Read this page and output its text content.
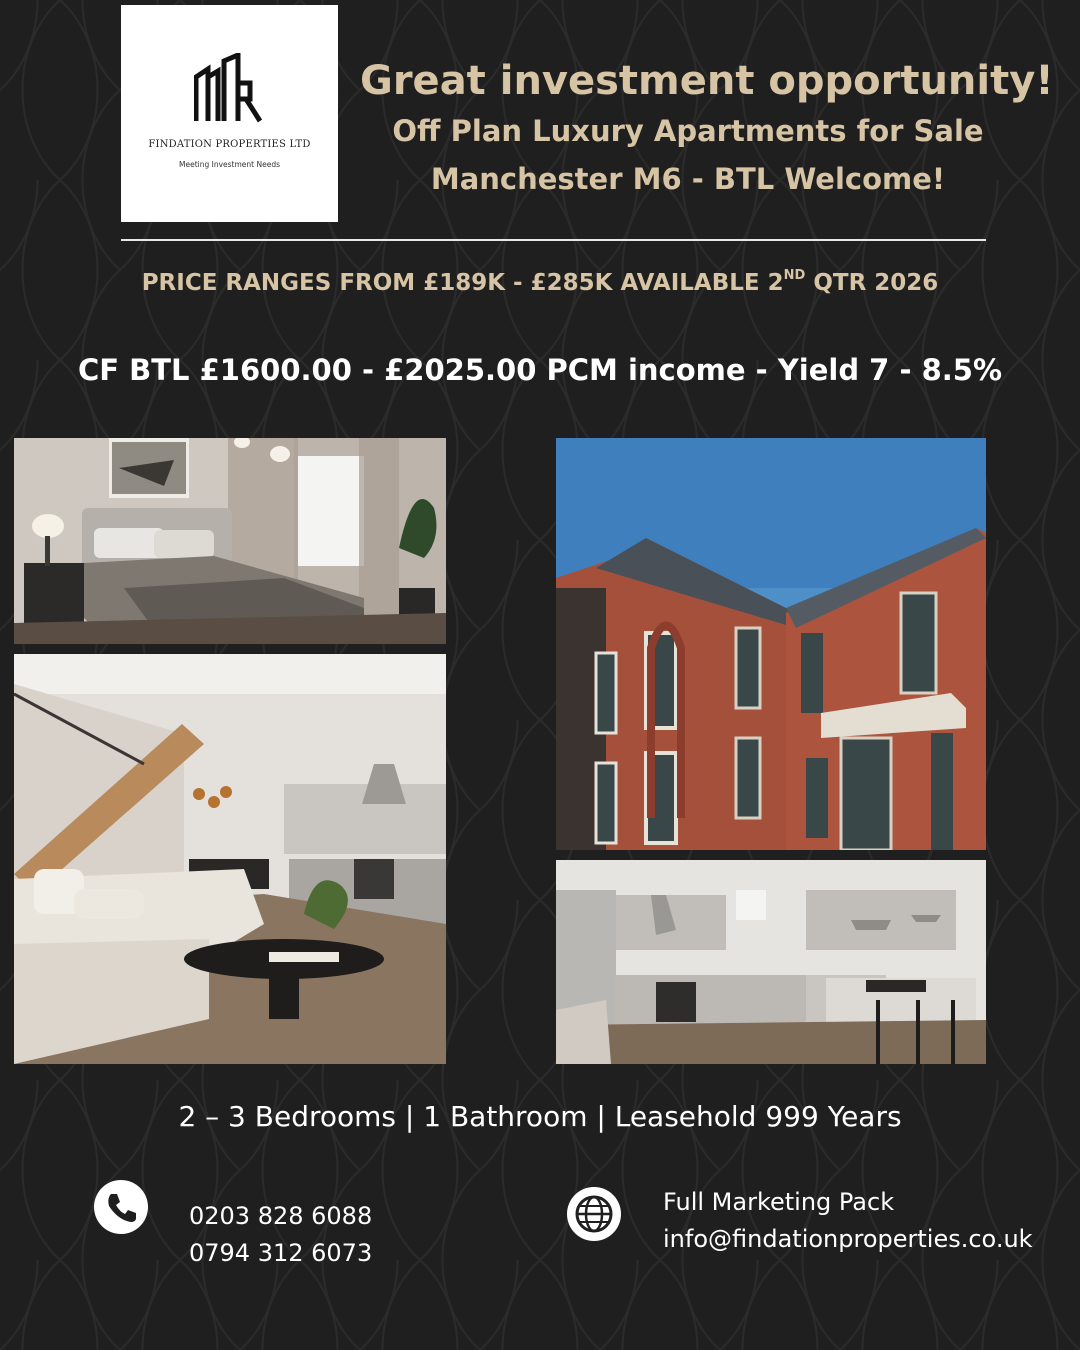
FINDATION PROPERTIES LTD
Meeting Investment Needs
Great investment opportunity!
Off Plan Luxury Apartments for Sale
Manchester M6 - BTL Welcome!
PRICE RANGES FROM £189K - £285K AVAILABLE 2ND QTR 2026
CF BTL £1600.00 - £2025.00 PCM income - Yield 7 - 8.5%
2 – 3 Bedrooms | 1 Bathroom | Leasehold 999 Years
0203 828 6088
0794 312 6073
Full Marketing Pack
info@findationproperties.co.uk
